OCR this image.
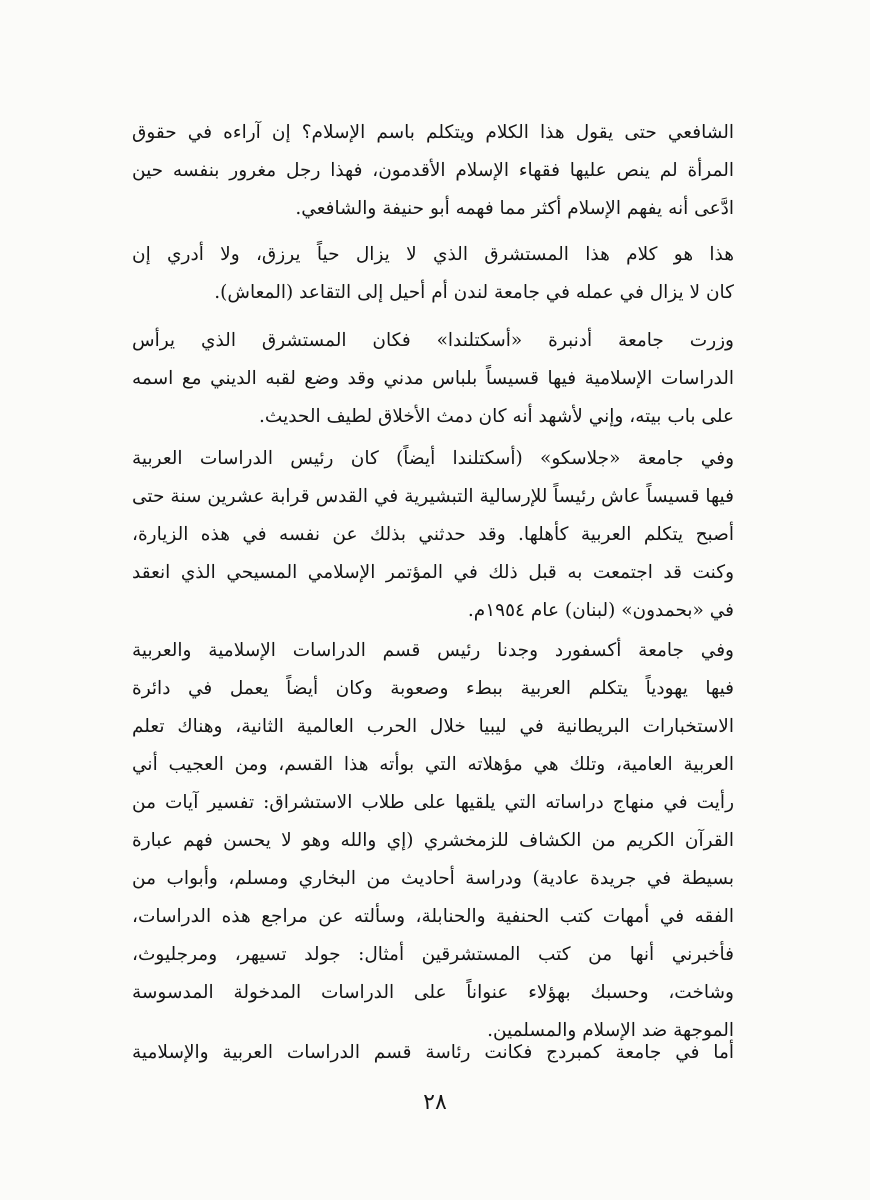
الشافعي حتى يقول هذا الكلام ويتكلم باسم الإسلام؟ إن آراءه في حقوق
المرأة لم ينص عليها فقهاء الإسلام الأقدمون، فهذا رجل مغرور بنفسه حين
ادَّعى أنه يفهم الإسلام أكثر مما فهمه أبو حنيفة والشافعي.
هذا هو كلام هذا المستشرق الذي لا يزال حياً يرزق، ولا أدري إن
كان لا يزال في عمله في جامعة لندن أم أحيل إلى التقاعد (المعاش).
وزرت جامعة أدنبرة «أسكتلندا» فكان المستشرق الذي يرأس
الدراسات الإسلامية فيها قسيساً بلباس مدني وقد وضع لقبه الديني مع اسمه
على باب بيته، وإني لأشهد أنه كان دمث الأخلاق لطيف الحديث.
وفي جامعة «جلاسكو» (أسكتلندا أيضاً) كان رئيس الدراسات العربية
فيها قسيساً عاش رئيساً للإرسالية التبشيرية في القدس قرابة عشرين سنة حتى
أصبح يتكلم العربية كأهلها. وقد حدثني بذلك عن نفسه في هذه الزيارة،
وكنت قد اجتمعت به قبل ذلك في المؤتمر الإسلامي المسيحي الذي انعقد
في «بحمدون» (لبنان) عام ١٩٥٤م.
وفي جامعة أكسفورد وجدنا رئيس قسم الدراسات الإسلامية والعربية
فيها يهودياً يتكلم العربية ببطء وصعوبة وكان أيضاً يعمل في دائرة
الاستخبارات البريطانية في ليبيا خلال الحرب العالمية الثانية، وهناك تعلم
العربية العامية، وتلك هي مؤهلاته التي بوأته هذا القسم، ومن العجيب أني
رأيت في منهاج دراساته التي يلقيها على طلاب الاستشراق: تفسير آيات من
القرآن الكريم من الكشاف للزمخشري (إي والله وهو لا يحسن فهم عبارة
بسيطة في جريدة عادية) ودراسة أحاديث من البخاري ومسلم، وأبواب من
الفقه في أمهات كتب الحنفية والحنابلة، وسألته عن مراجع هذه الدراسات،
فأخبرني أنها من كتب المستشرقين أمثال: جولد تسيهر، ومرجليوث،
وشاخت، وحسبك بهؤلاء عنواناً على الدراسات المدخولة المدسوسة
الموجهة ضد الإسلام والمسلمين.
أما في جامعة كمبردج فكانت رئاسة قسم الدراسات العربية والإسلامية
٢٨
